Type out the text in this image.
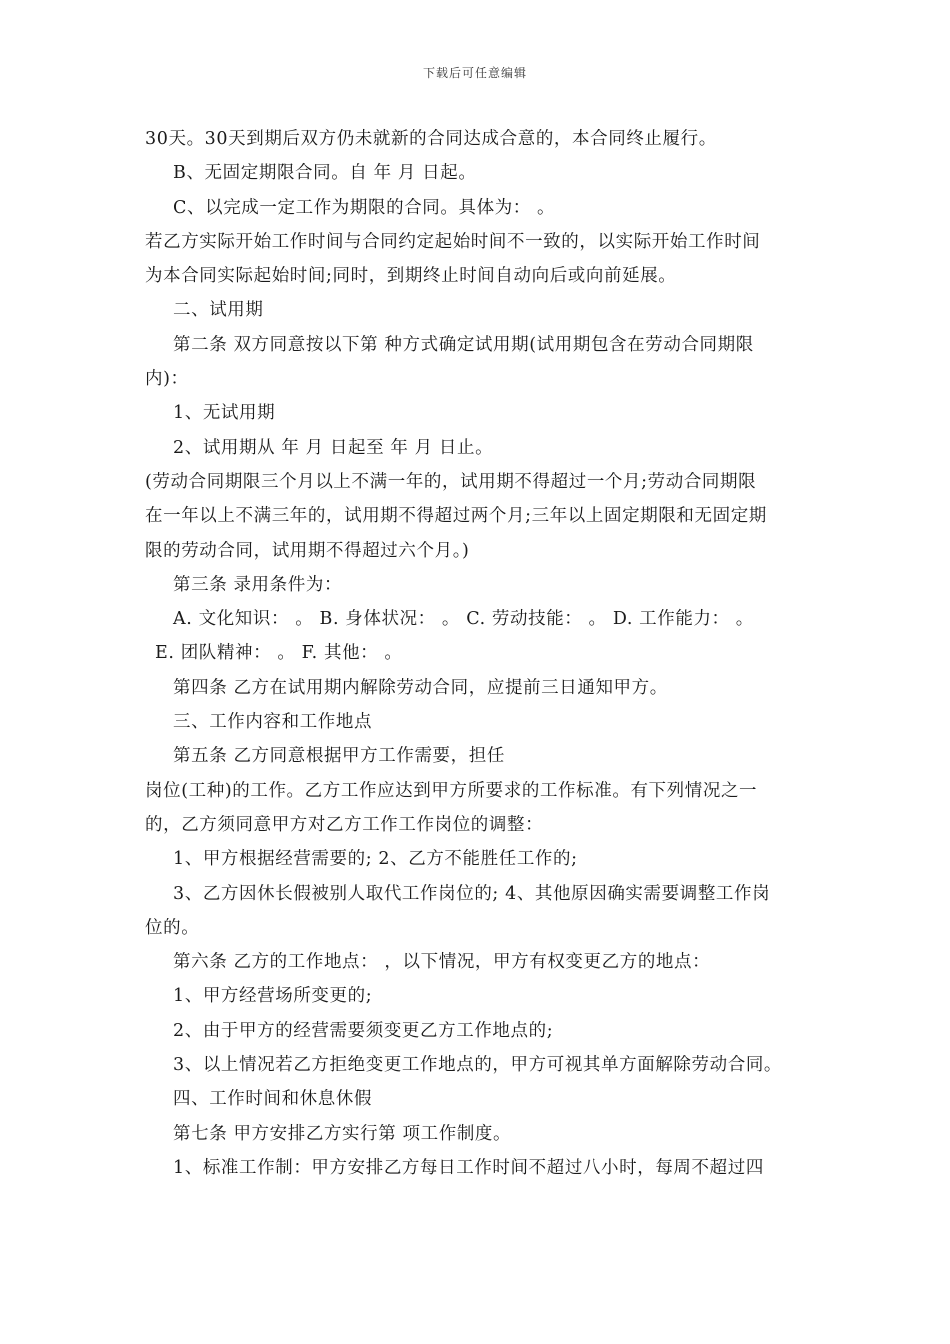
下载后可任意编辑
30天。30天到期后双方仍未就新的合同达成合意的，本合同终止履行。
B、无固定期限合同。自 年 月 日起。
C、以完成一定工作为期限的合同。具体为： 。
若乙方实际开始工作时间与合同约定起始时间不一致的，以实际开始工作时间
为本合同实际起始时间;同时，到期终止时间自动向后或向前延展。
二、试用期
第二条 双方同意按以下第 种方式确定试用期(试用期包含在劳动合同期限
内)：
1、无试用期
2、试用期从 年 月 日起至 年 月 日止。
(劳动合同期限三个月以上不满一年的，试用期不得超过一个月;劳动合同期限
在一年以上不满三年的，试用期不得超过两个月;三年以上固定期限和无固定期
限的劳动合同，试用期不得超过六个月。)
第三条 录用条件为：
A. 文化知识： 。 B. 身体状况： 。 C. 劳动技能： 。 D. 工作能力： 。
E. 团队精神： 。 F. 其他： 。
第四条 乙方在试用期内解除劳动合同，应提前三日通知甲方。
三、工作内容和工作地点
第五条 乙方同意根据甲方工作需要，担任
岗位(工种)的工作。乙方工作应达到甲方所要求的工作标准。有下列情况之一
的，乙方须同意甲方对乙方工作工作岗位的调整：
1、甲方根据经营需要的; 2、乙方不能胜任工作的;
3、乙方因休长假被别人取代工作岗位的; 4、其他原因确实需要调整工作岗
位的。
第六条 乙方的工作地点： ，以下情况，甲方有权变更乙方的地点：
1、甲方经营场所变更的;
2、由于甲方的经营需要须变更乙方工作地点的;
3、以上情况若乙方拒绝变更工作地点的，甲方可视其单方面解除劳动合同。
四、工作时间和休息休假
第七条 甲方安排乙方实行第 项工作制度。
1、标准工作制：甲方安排乙方每日工作时间不超过八小时，每周不超过四
